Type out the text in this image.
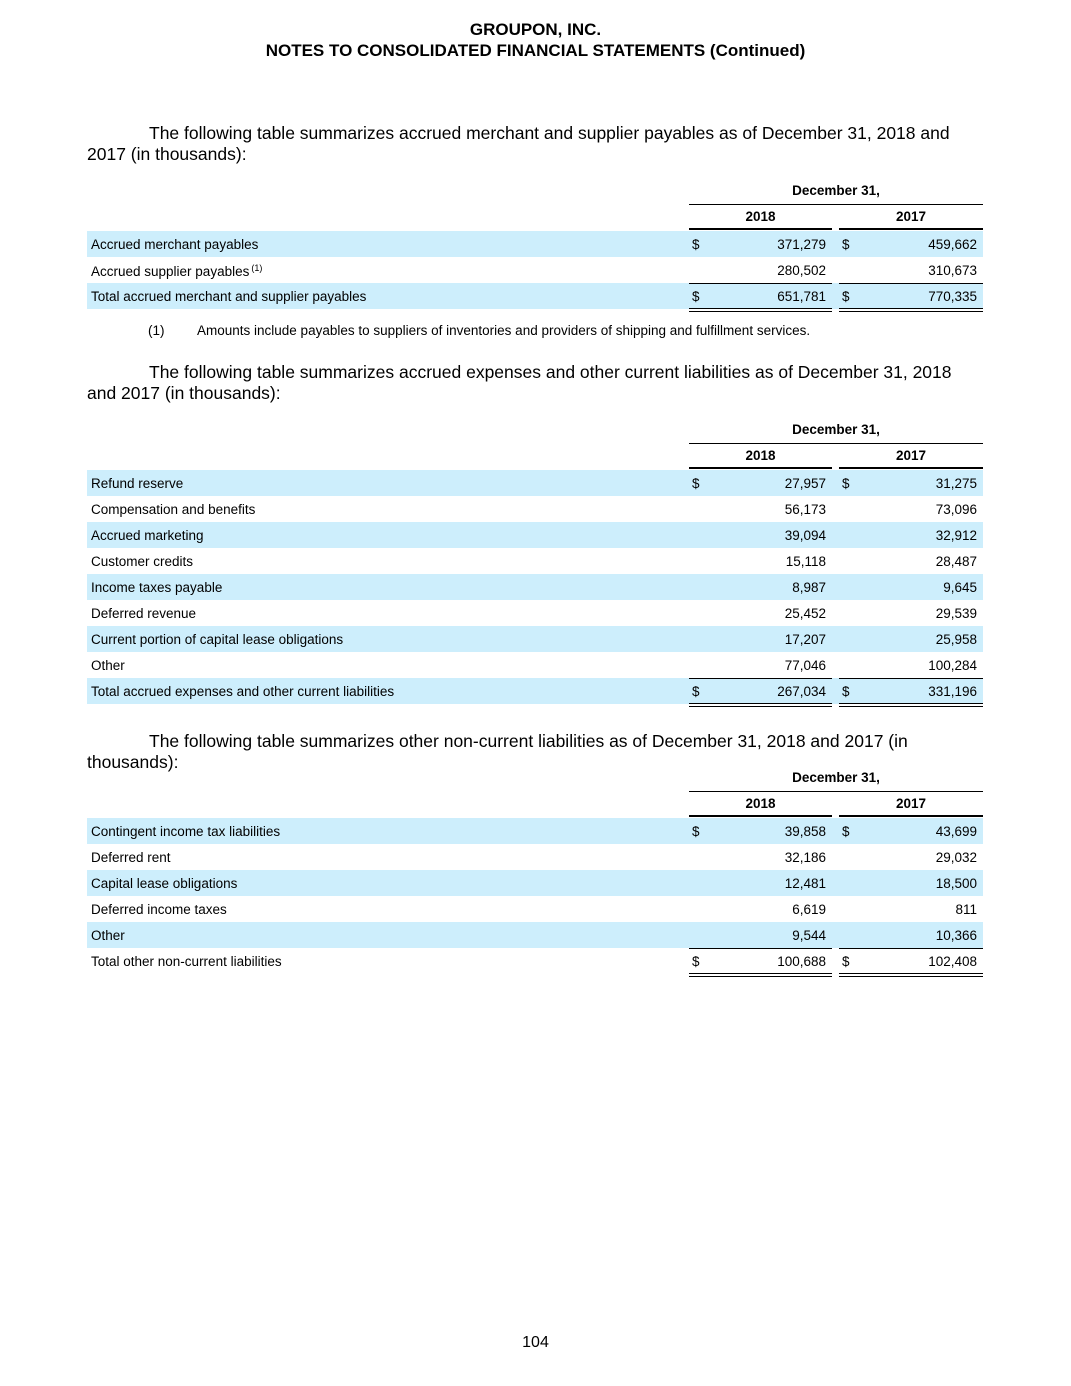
GROUPON, INC.
NOTES TO CONSOLIDATED FINANCIAL STATEMENTS (Continued)
The following table summarizes accrued merchant and supplier payables as of December 31, 2018 and 2017 (in thousands):
December 31,
2018	2017
Accrued merchant payables	$	371,279 $	459,662
Accrued supplier payables $^{(1)}$	280,502	310,673
Total accrued merchant and supplier payables	$	651,781 $	770,335
(1) Amounts include payables to suppliers of inventories and providers of shipping and fulfillment services.
The following table summarizes accrued expenses and other current liabilities as of December 31, 2018 and 2017 (in thousands):
December 31,
2018	2017
Refund reserve	$	27,957 $	31,275
Compensation and benefits	56,173	73,096
Accrued marketing	39,094	32,912
Customer credits	15,118	28,487
Income taxes payable	8,987	9,645
Deferred revenue	25,452	29,539
Current portion of capital lease obligations	17,207	25,958
Other	77,046	100,284
Total accrued expenses and other current liabilities	$	267,034 $	331,196
The following table summarizes other non-current liabilities as of December 31, 2018 and 2017 (in thousands):
December 31,
2018	2017
Contingent income tax liabilities	$	39,858 $	43,699
Deferred rent	32,186	29,032
Capital lease obligations	12,481	18,500
Deferred income taxes	6,619	811
Other	9,544	10,366
Total other non-current liabilities	$	100,688 $	102,408
104
